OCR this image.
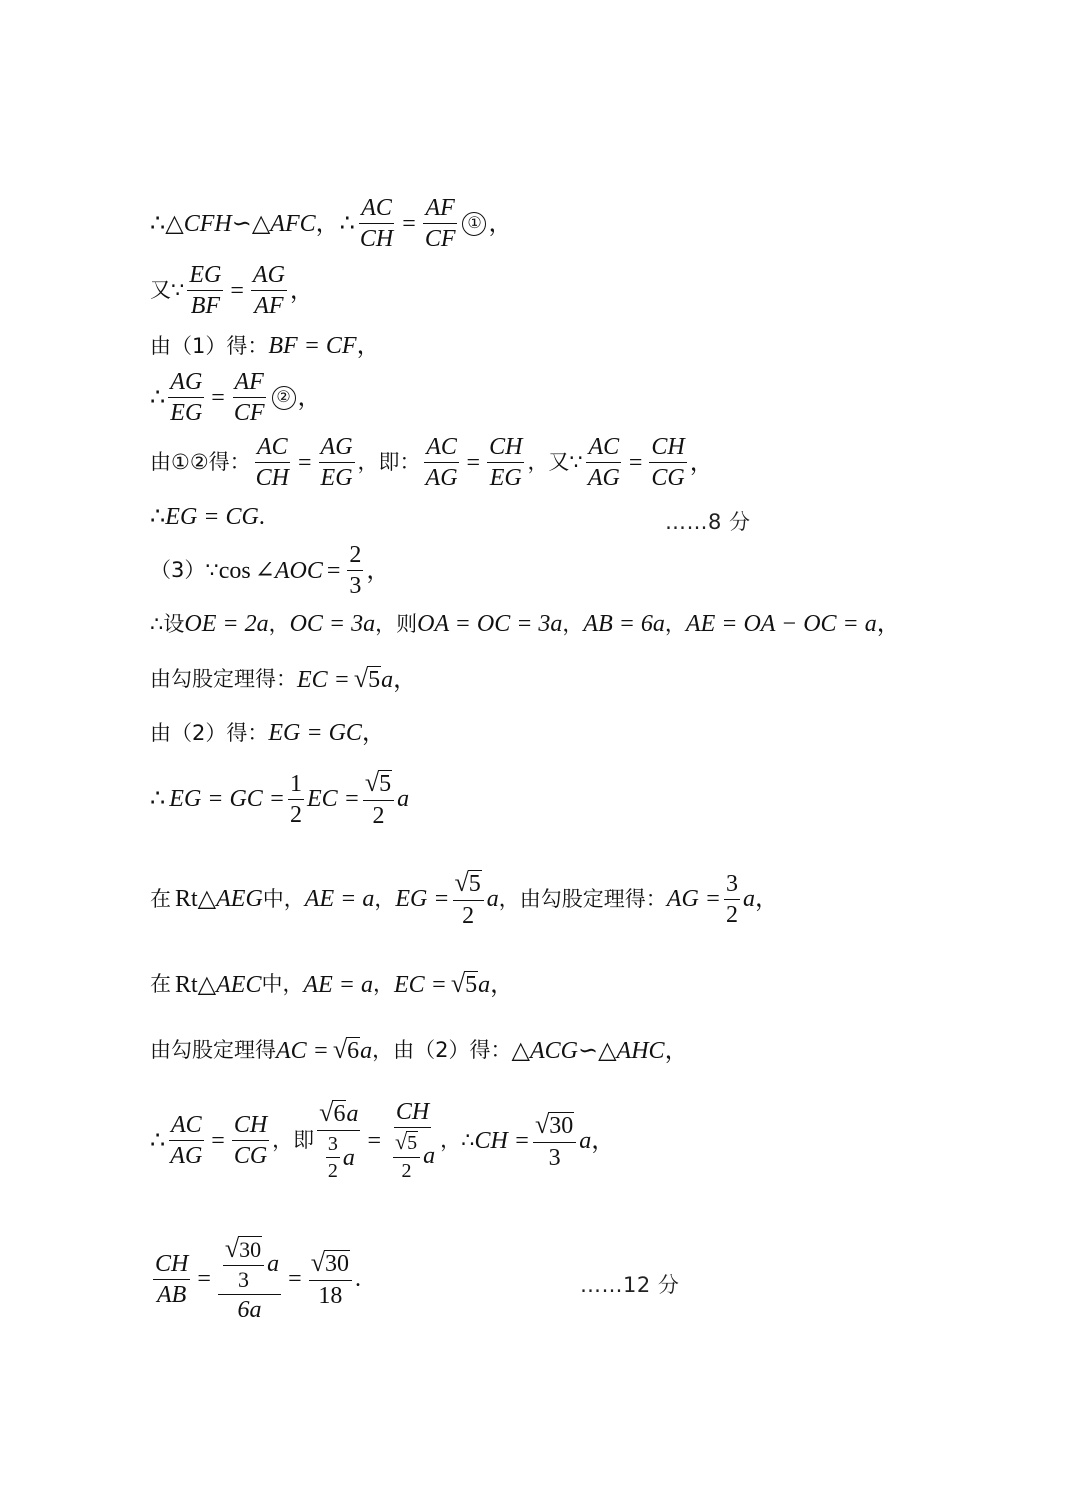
∴ △CFH∽△AFC ， ∴ $\frac{AC}{CH} = \frac{AF}{CF}$ ① ，
又∵ $\frac{EG}{BF} = \frac{AG}{AF}$ ，
由（1）得： BF = CF ，
∴ $\frac{AG}{EG} = \frac{AF}{CF}$ ② ，
由①②得： $\frac{AC}{CH} = \frac{AG}{EG}$ ，即： $\frac{AC}{AG} = \frac{CH}{EG}$ ，又∵ $\frac{AC}{AG} = \frac{CH}{CG}$ ，
∴ EG = CG .	……8 分
（3）∵ cos ∠AOC = $\frac{2}{3}$ ，
∴设 OE = 2a ， OC = 3a ，则 OA = OC = 3a ， AB = 6a ， AE = OA − OC = a ，
由勾股定理得： EC = √ 5 a ，
由（2）得： EG = GC ，
∴ EG = GC = $\frac{1}{2}$ EC = $\frac{√ 5}{2}$ a
在 Rt△ AEG 中， AE = a ， EG = $\frac{√ 5}{2}$ a ，由勾股定理得： AG = $\frac{3}{2}$ a ，
在 Rt△ AEC 中， AE = a ， EC = √ 5 a ，
由勾股定理得 AC = √ 6 a ，由（2）得： △ACG∽△AHC ，
∴ $\frac{AC}{AG} = \frac{CH}{CG}$ ，即 $\frac{√ 6 a}{\frac{3}{2} a} = \frac{CH}{\frac{√ 5}{2} a}$ ，∴ CH = $\frac{√ 30}{3}$ a ，
$\frac{CH}{AB} = \frac{\frac{√ 30}{3} a}{6a} = \frac{√ 30}{18}$ .	……12 分
